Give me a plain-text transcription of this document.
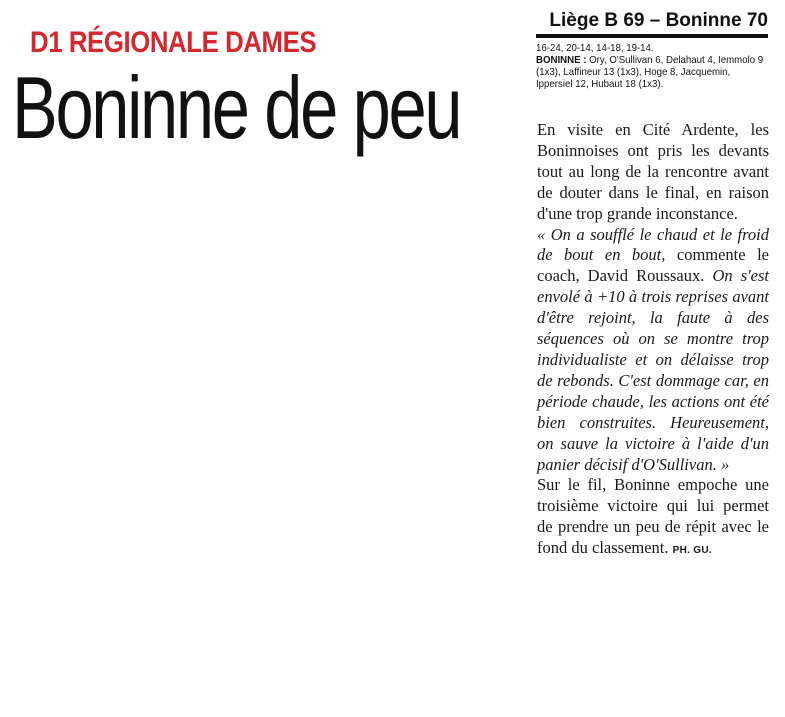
D1 RÉGIONALE DAMES
Boninne de peu
Liège B 69 – Boninne 70
16-24, 20-14, 14-18, 19-14.
BONINNE : Ory, O'Sullivan 6, Delahaut 4, Iemmolo 9 (1x3), Laffineur 13 (1x3), Hoge 8, Jacquemin, Ippersiel 12, Hubaut 18 (1x3).

En visite en Cité Ardente, les Boninnoises ont pris les devants tout au long de la rencontre avant de douter dans le final, en raison d'une trop grande inconstance.

« On a soufflé le chaud et le froid de bout en bout, commente le coach, David Roussaux. On s'est envolé à +10 à trois reprises avant d'être rejoint, la faute à des séquences où on se montre trop individualiste et on délaisse trop de rebonds. C'est dommage car, en période chaude, les actions ont été bien construites. Heureusement, on sauve la victoire à l'aide d'un panier décisif d'O'Sullivan. »

Sur le fil, Boninne empoche une troisième victoire qui lui permet de prendre un peu de répit avec le fond du classement. PH. GU.
